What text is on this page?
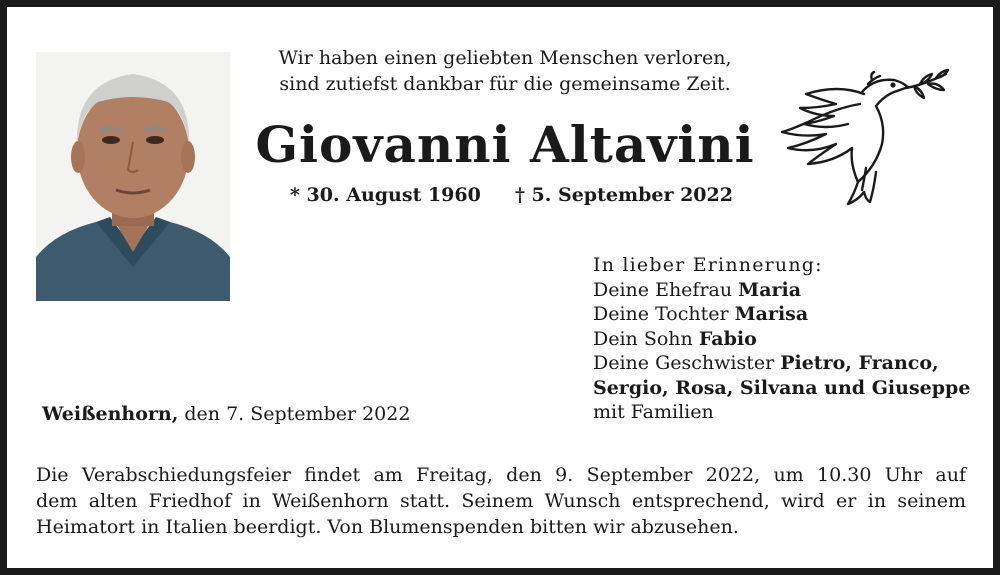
Wir haben einen geliebten Menschen verloren,
sind zutiefst dankbar für die gemeinsame Zeit.
Giovanni Altavini
* 30. August 1960 † 5. September 2022
In lieber Erinnerung:
Deine Ehefrau Maria
Deine Tochter Marisa
Dein Sohn Fabio
Deine Geschwister Pietro, Franco,
Sergio, Rosa, Silvana und Giuseppe
mit Familien
Weißenhorn, den 7. September 2022
Die Verabschiedungsfeier findet am Freitag, den 9. September 2022, um 10.30 Uhr auf
dem alten Friedhof in Weißenhorn statt. Seinem Wunsch entsprechend, wird er in seinem
Heimatort in Italien beerdigt. Von Blumenspenden bitten wir abzusehen.
